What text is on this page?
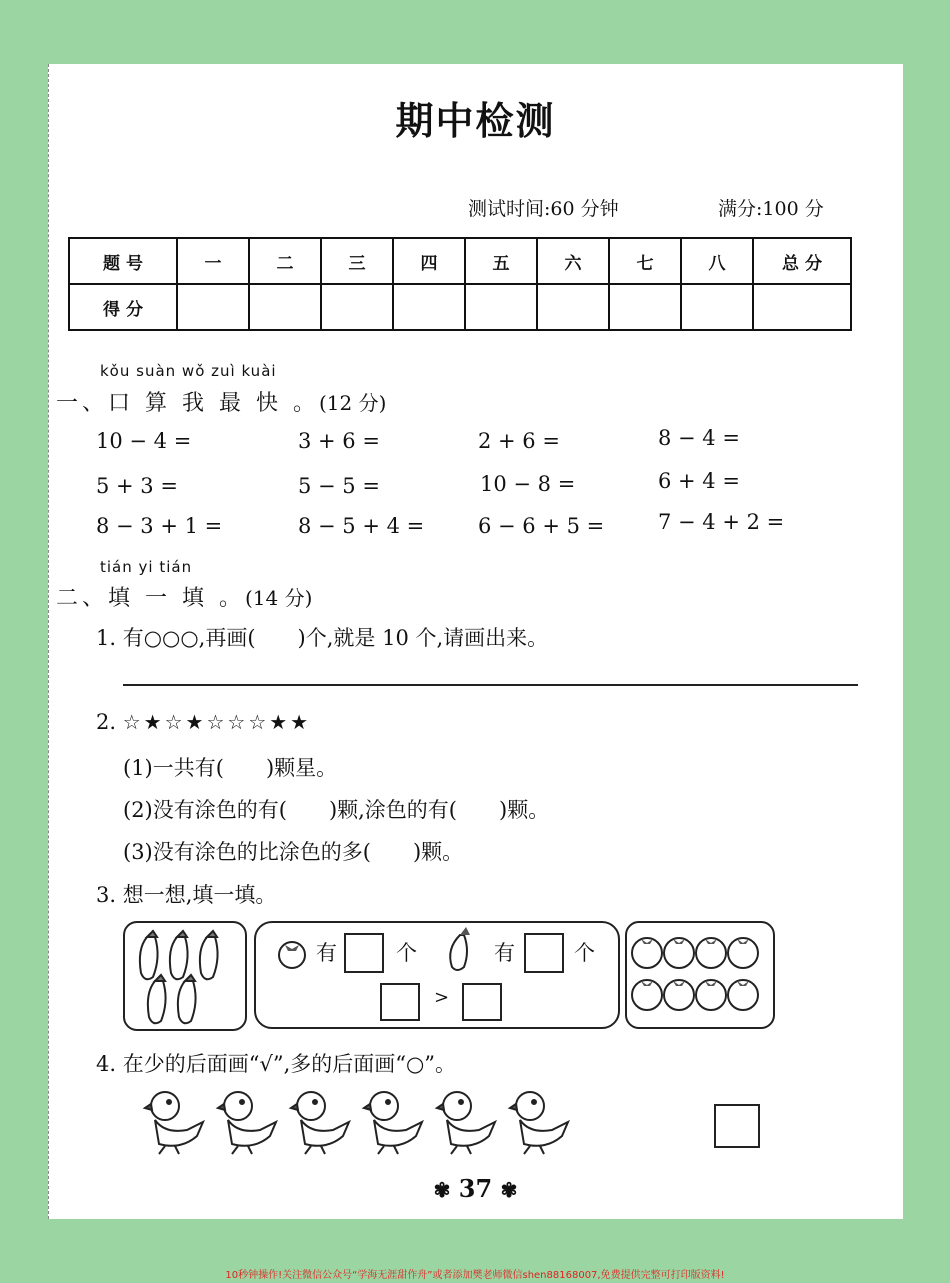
期中检测
测试时间:60 分钟	满分:100 分
题 号	一	二	三	四	五	六	七	八	总 分
得 分									
kǒu suàn wǒ zuì kuài
一、口 算 我 最 快 。(12 分)
10 − 4 =	3 + 6 =	2 + 6 =	8 − 4 =
5 + 3 =	5 − 5 =	10 − 8 =	6 + 4 =
8 − 3 + 1 =	8 − 5 + 4 =	6 − 6 + 5 =	7 − 4 + 2 =
tián yi tián
二、填 一 填 。(14 分)
1. 有○○○,再画(　　)个,就是 10 个,请画出来。
2. ☆★☆★☆☆☆★★
(1)一共有(　　)颗星。
(2)没有涂色的有(　　)颗,涂色的有(　　)颗。
(3)没有涂色的比涂色的多(　　)颗。
3. 想一想,填一填。
有	个	有	个
>
4. 在少的后面画“√”,多的后面画“○”。
✾ 37 ✾
10秒钟操作!关注微信公众号“学海无涯甜作舟”或者添加樊老师微信shen88168007,免费提供完整可打印版资料!
